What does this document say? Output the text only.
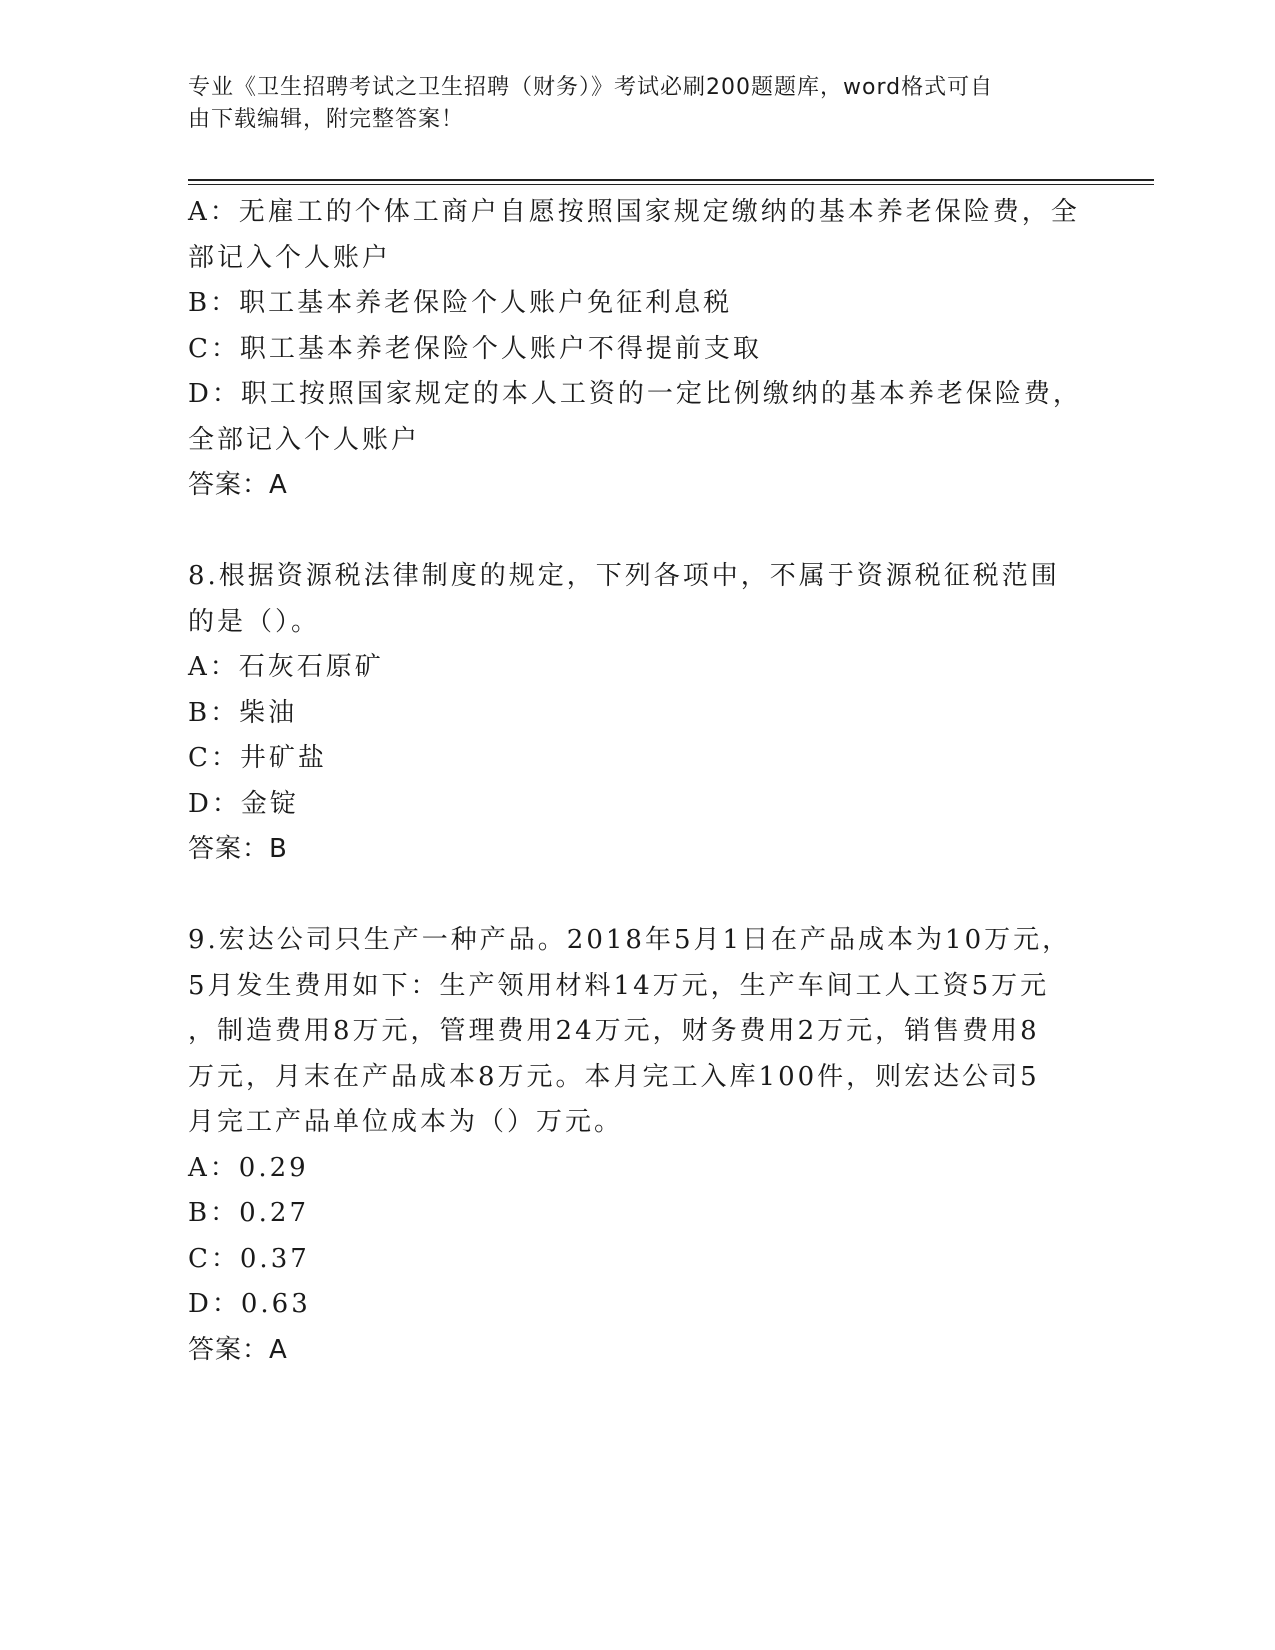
专业《卫生招聘考试之卫生招聘（财务）》考试必刷200题题库，word格式可自
由下载编辑，附完整答案！
A：无雇工的个体工商户自愿按照国家规定缴纳的基本养老保险费，全
部记入个人账户
B：职工基本养老保险个人账户免征利息税
C：职工基本养老保险个人账户不得提前支取
D：职工按照国家规定的本人工资的一定比例缴纳的基本养老保险费，
全部记入个人账户
答案：A
8.根据资源税法律制度的规定，下列各项中，不属于资源税征税范围
的是（）。
A：石灰石原矿
B：柴油
C：井矿盐
D：金锭
答案：B
9.宏达公司只生产一种产品。2018年5月1日在产品成本为10万元，
5月发生费用如下：生产领用材料14万元，生产车间工人工资5万元
，制造费用8万元，管理费用24万元，财务费用2万元，销售费用8
万元，月末在产品成本8万元。本月完工入库100件，则宏达公司5
月完工产品单位成本为（）万元。
A：0.29
B：0.27
C：0.37
D：0.63
答案：A
